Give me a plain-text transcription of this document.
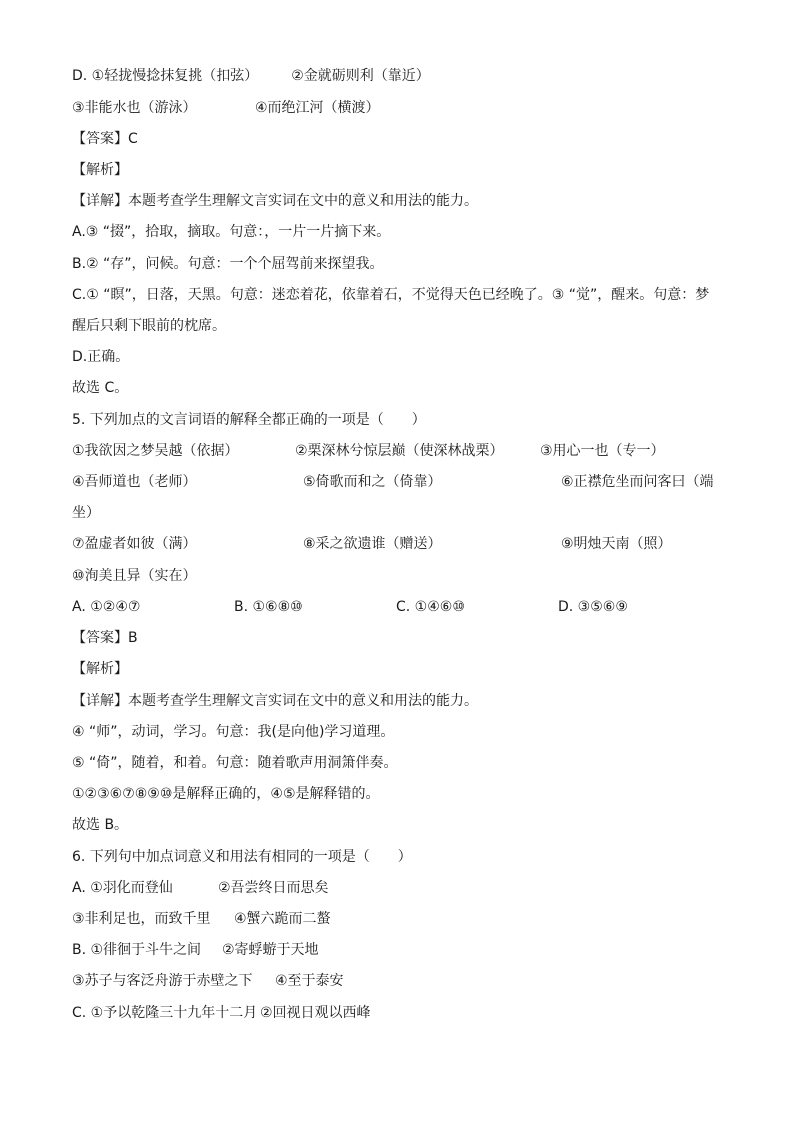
D. ①轻拢慢捻抹复挑（扣弦） ②金就砺则利（靠近）
③非能水也（游泳）	④而绝江河（横渡）
【答案】C
【解析】
【详解】本题考查学生理解文言实词在文中的意义和用法的能力。
A.③ “掇”，拾取，摘取。句意：，一片一片摘下来。
B.② “存”，问候。句意：一个个屈驾前来探望我。
C.① “瞑”，日落，天黑。句意：迷恋着花，依靠着石，不觉得天色已经晚了。③ “觉”，醒来。句意：梦
醒后只剩下眼前的枕席。
D.正确。
故选 C。
5. 下列加点的文言词语的解释全都正确的一项是（　　）
①我欲因之梦吴越（依据）	②栗深林兮惊层巅（使深林战栗）	③用心一也（专一）
④吾师道也（老师）	⑤倚歌而和之（倚靠）	⑥正襟危坐而问客曰（端
坐）
⑦盈虚者如彼（满）	⑧采之欲遗谁（赠送）	⑨明烛天南（照）
⑩洵美且异（实在）
A. ①②④⑦	B. ①⑥⑧⑩	C. ①④⑥⑩	D. ③⑤⑥⑨
【答案】B
【解析】
【详解】本题考查学生理解文言实词在文中的意义和用法的能力。
④ “师”，动词，学习。句意：我(是向他)学习道理。
⑤ “倚”，随着，和着。句意：随着歌声用洞箫伴奏。
①②③⑥⑦⑧⑨⑩是解释正确的，④⑤是解释错的。
故选 B。
6. 下列句中加点词意义和用法有相同的一项是（　　）
A. ①羽化而登仙	②吾尝终日而思矣
③非利足也，而致千里 ④蟹六跪而二螯
B. ①徘徊于斗牛之间 ②寄蜉蝣于天地
③苏子与客泛舟游于赤壁之下 ④至于泰安
C. ①予以乾隆三十九年十二月 ②回视日观以西峰
